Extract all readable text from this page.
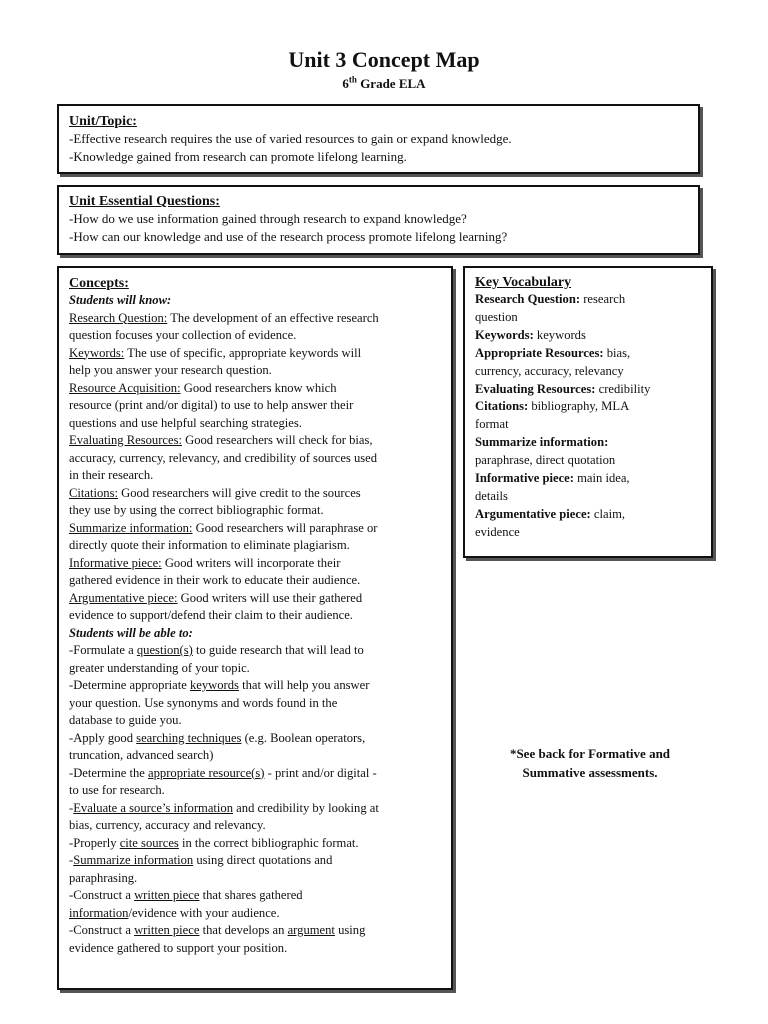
Unit 3 Concept Map
6th Grade ELA
Unit/Topic:
-Effective research requires the use of varied resources to gain or expand knowledge.
-Knowledge gained from research can promote lifelong learning.
Unit Essential Questions:
-How do we use information gained through research to expand knowledge?
-How can our knowledge and use of the research process promote lifelong learning?
Concepts:
Students will know:
Research Question: The development of an effective research
question focuses your collection of evidence.
Keywords: The use of specific, appropriate keywords will
help you answer your research question.
Resource Acquisition: Good researchers know which
resource (print and/or digital) to use to help answer their
questions and use helpful searching strategies.
Evaluating Resources: Good researchers will check for bias,
accuracy, currency, relevancy, and credibility of sources used
in their research.
Citations: Good researchers will give credit to the sources
they use by using the correct bibliographic format.
Summarize information: Good researchers will paraphrase or
directly quote their information to eliminate plagiarism.
Informative piece: Good writers will incorporate their
gathered evidence in their work to educate their audience.
Argumentative piece: Good writers will use their gathered
evidence to support/defend their claim to their audience.
Students will be able to:
-Formulate a question(s) to guide research that will lead to
greater understanding of your topic.
-Determine appropriate keywords that will help you answer
your question. Use synonyms and words found in the
database to guide you.
-Apply good searching techniques (e.g. Boolean operators,
truncation, advanced search)
-Determine the appropriate resource(s) - print and/or digital -
to use for research.
-Evaluate a source’s information and credibility by looking at
bias, currency, accuracy and relevancy.
-Properly cite sources in the correct bibliographic format.
-Summarize information using direct quotations and
paraphrasing.
-Construct a written piece that shares gathered
information/evidence with your audience.
-Construct a written piece that develops an argument using
evidence gathered to support your position.
Key Vocabulary
Research Question: research
question
Keywords: keywords
Appropriate Resources: bias,
currency, accuracy, relevancy
Evaluating Resources: credibility
Citations: bibliography, MLA
format
Summarize information:
paraphrase, direct quotation
Informative piece: main idea,
details
Argumentative piece: claim,
evidence
*See back for Formative and
Summative assessments.
